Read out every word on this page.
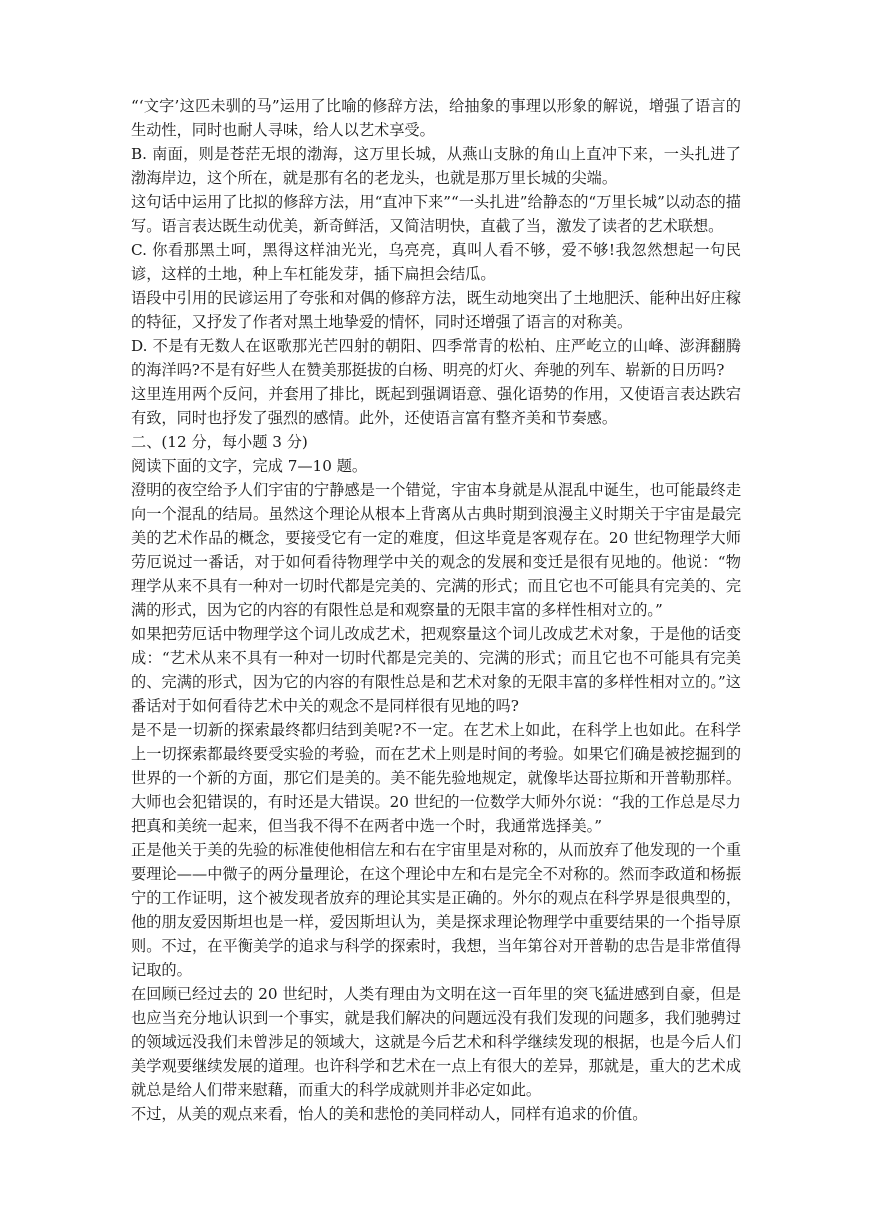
“‘文字’这匹未驯的马”运用了比喻的修辞方法，给抽象的事理以形象的解说，增强了语言的生动性，同时也耐人寻味，给人以艺术享受。

B. 南面，则是苍茫无垠的渤海，这万里长城，从燕山支脉的角山上直冲下来，一头扎进了渤海岸边，这个所在，就是那有名的老龙头，也就是那万里长城的尖端。

这句话中运用了比拟的修辞方法，用“直冲下来”“一头扎进”给静态的“万里长城”以动态的描写。语言表达既生动优美，新奇鲜活，又简洁明快，直截了当，激发了读者的艺术联想。

C. 你看那黑土呵，黑得这样油光光，乌亮亮，真叫人看不够，爱不够!我忽然想起一句民谚，这样的土地，种上车杠能发芽，插下扁担会结瓜。

语段中引用的民谚运用了夸张和对偶的修辞方法，既生动地突出了土地肥沃、能种出好庄稼的特征，又抒发了作者对黑土地挚爱的情怀，同时还增强了语言的对称美。

D. 不是有无数人在讴歌那光芒四射的朝阳、四季常青的松柏、庄严屹立的山峰、澎湃翻腾的海洋吗?不是有好些人在赞美那挺拔的白杨、明亮的灯火、奔驰的列车、崭新的日历吗?

这里连用两个反问，并套用了排比，既起到强调语意、强化语势的作用，又使语言表达跌宕有致，同时也抒发了强烈的感情。此外，还使语言富有整齐美和节奏感。

二、(12 分，每小题 3 分)

阅读下面的文字，完成 7—10 题。

澄明的夜空给予人们宇宙的宁静感是一个错觉，宇宙本身就是从混乱中诞生，也可能最终走向一个混乱的结局。虽然这个理论从根本上背离从古典时期到浪漫主义时期关于宇宙是最完美的艺术作品的概念，要接受它有一定的难度，但这毕竟是客观存在。20 世纪物理学大师劳厄说过一番话，对于如何看待物理学中关的观念的发展和变迁是很有见地的。他说：“物理学从来不具有一种对一切时代都是完美的、完满的形式；而且它也不可能具有完美的、完满的形式，因为它的内容的有限性总是和观察量的无限丰富的多样性相对立的。”

如果把劳厄话中物理学这个词儿改成艺术，把观察量这个词儿改成艺术对象，于是他的话变成：“艺术从来不具有一种对一切时代都是完美的、完满的形式；而且它也不可能具有完美的、完满的形式，因为它的内容的有限性总是和艺术对象的无限丰富的多样性相对立的。”这番话对于如何看待艺术中关的观念不是同样很有见地的吗?

是不是一切新的探索最终都归结到美呢?不一定。在艺术上如此，在科学上也如此。在科学上一切探索都最终要受实验的考验，而在艺术上则是时间的考验。如果它们确是被挖掘到的世界的一个新的方面，那它们是美的。美不能先验地规定，就像毕达哥拉斯和开普勒那样。大师也会犯错误的，有时还是大错误。20 世纪的一位数学大师外尔说：“我的工作总是尽力把真和美统一起来，但当我不得不在两者中选一个时，我通常选择美。”

正是他关于美的先验的标准使他相信左和右在宇宙里是对称的，从而放弃了他发现的一个重要理论——中微子的两分量理论，在这个理论中左和右是完全不对称的。然而李政道和杨振宁的工作证明，这个被发现者放弃的理论其实是正确的。外尔的观点在科学界是很典型的，他的朋友爱因斯坦也是一样，爱因斯坦认为，美是探求理论物理学中重要结果的一个指导原则。不过，在平衡美学的追求与科学的探索时，我想，当年第谷对开普勒的忠告是非常值得记取的。

在回顾已经过去的 20 世纪时，人类有理由为文明在这一百年里的突飞猛进感到自豪，但是也应当充分地认识到一个事实，就是我们解决的问题远没有我们发现的问题多，我们驰骋过的领域远没我们未曾涉足的领域大，这就是今后艺术和科学继续发现的根据，也是今后人们美学观要继续发展的道理。也许科学和艺术在一点上有很大的差异，那就是，重大的艺术成就总是给人们带来慰藉，而重大的科学成就则并非必定如此。

不过，从美的观点来看，怡人的美和悲怆的美同样动人，同样有追求的价值。
